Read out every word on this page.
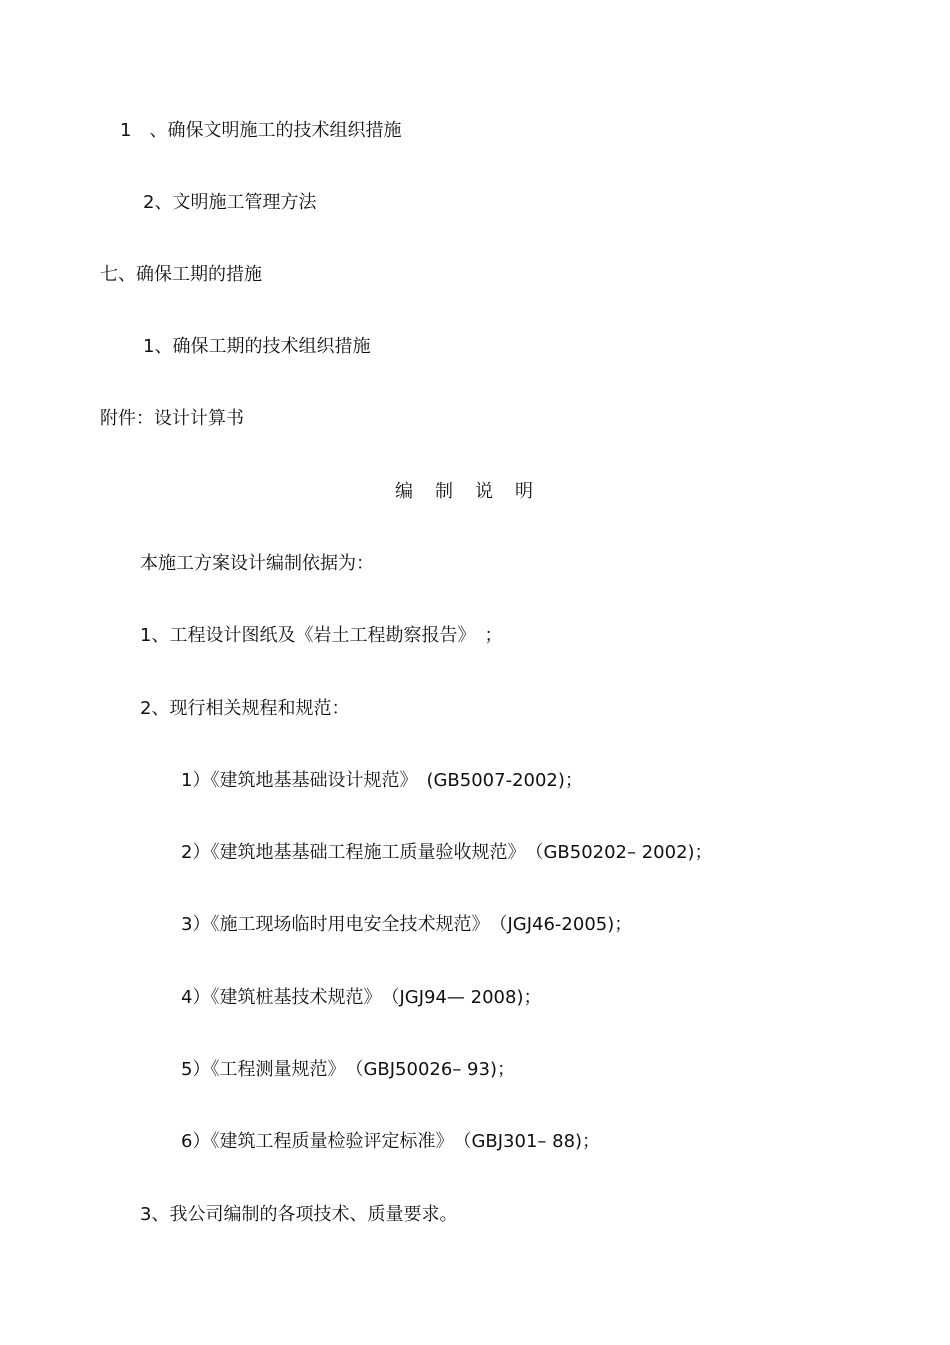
1　、确保文明施工的技术组织措施

2、文明施工管理方法

七、确保工期的措施

1、确保工期的技术组织措施

附件：设计计算书

编制说明

本施工方案设计编制依据为：

1、工程设计图纸及《岩土工程勘察报告》　；

2、现行相关规程和规范：

1）《建筑地基基础设计规范》　(GB5007-2002)；

2）《建筑地基基础工程施工质量验收规范》　（GB50202– 2002)；

3）《施工现场临时用电安全技术规范》　（JGJ46-2005)；

4）《建筑桩基技术规范》　（JGJ94— 2008)；

5）《工程测量规范》　（GBJ50026– 93)；

6）《建筑工程质量检验评定标准》　（GBJ301– 88)；

3、我公司编制的各项技术、质量要求。
